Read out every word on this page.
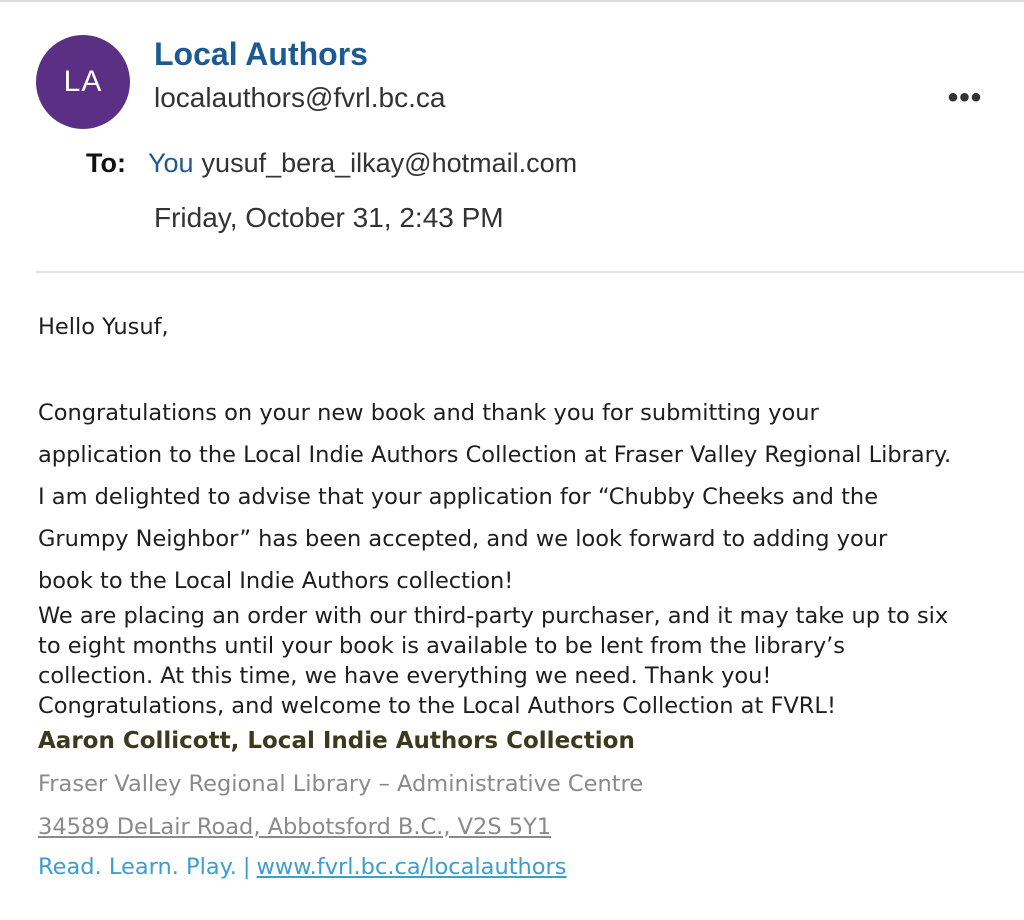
LA
Local Authors
localauthors@fvrl.bc.ca	•••
To: You yusuf_bera_ilkay@hotmail.com
Friday, October 31, 2:43 PM
Hello Yusuf,
Congratulations on your new book and thank you for submitting your
application to the Local Indie Authors Collection at Fraser Valley Regional Library.
I am delighted to advise that your application for “Chubby Cheeks and the
Grumpy Neighbor” has been accepted, and we look forward to adding your
book to the Local Indie Authors collection!
We are placing an order with our third-party purchaser, and it may take up to six
to eight months until your book is available to be lent from the library’s
collection. At this time, we have everything we need. Thank you!
Congratulations, and welcome to the Local Authors Collection at FVRL!
Aaron Collicott, Local Indie Authors Collection
Fraser Valley Regional Library – Administrative Centre
34589 DeLair Road, Abbotsford B.C., V2S 5Y1
Read. Learn. Play. | www.fvrl.bc.ca/localauthors
